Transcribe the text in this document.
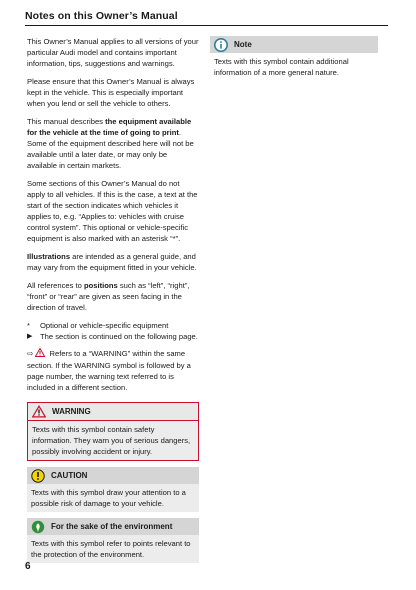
Notes on this Owner’s Manual

This Owner’s Manual applies to all versions of your particular Audi model and contains important information, tips, suggestions and warnings.

Please ensure that this Owner’s Manual is always kept in the vehicle. This is especially important when you lend or sell the vehicle to others.

This manual describes the equipment available for the vehicle at the time of going to print. Some of the equipment described here will not be available until a later date, or may only be available in certain markets.

Some sections of this Owner’s Manual do not apply to all vehicles. If this is the case, a text at the start of the section indicates which vehicles it applies to, e.g. “Applies to: vehicles with cruise control system”. This optional or vehicle-specific equipment is also marked with an asterisk “*”.

Illustrations are intended as a general guide, and may vary from the equipment fitted in your vehicle.

All references to positions such as “left”, “right”, “front” or “rear” are given as seen facing in the direction of travel.

*	Optional or vehicle-specific equipment
▶	The section is continued on the following page.

⇨ Refers to a “WARNING” within the same section. If the WARNING symbol is followed by a page number, the warning text referred to is included in a different section.

WARNING
Texts with this symbol contain safety information. They warn you of serious dangers, possibly involving accident or injury.
CAUTION
Texts with this symbol draw your attention to a possible risk of damage to your vehicle.
For the sake of the environment
Texts with this symbol refer to points relevant to the protection of the environment.
Note
Texts with this symbol contain additional information of a more general nature.
6
